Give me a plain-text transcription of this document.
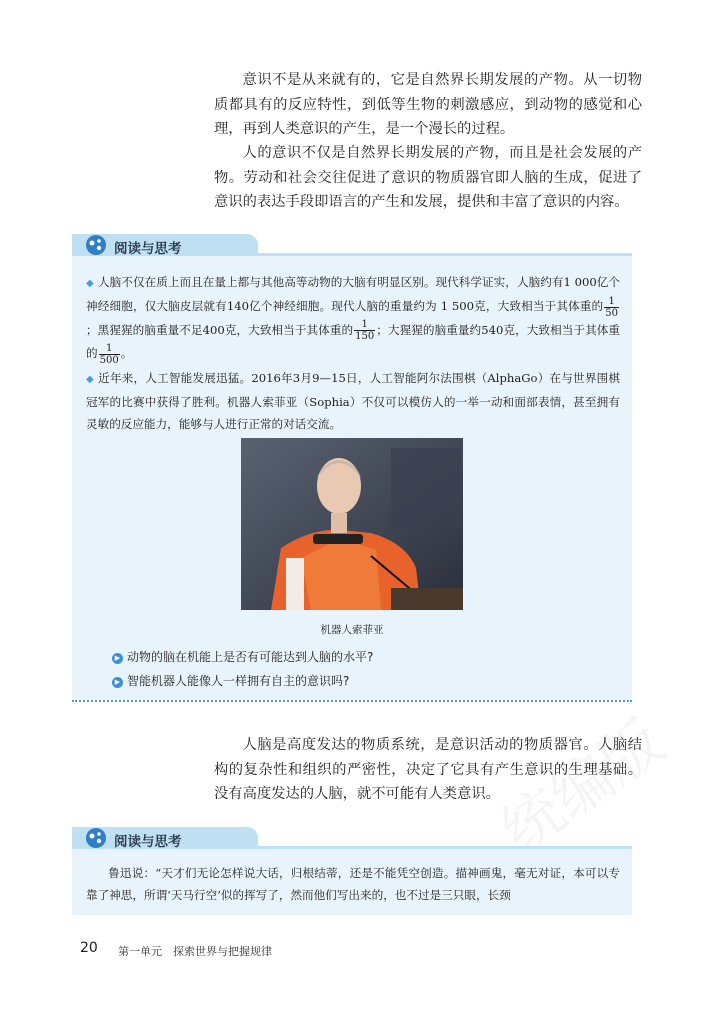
意识不是从来就有的，它是自然界长期发展的产物。从一切物质都具有的反应特性，到低等生物的刺激感应，到动物的感觉和心理，再到人类意识的产生，是一个漫长的过程。

人的意识不仅是自然界长期发展的产物，而且是社会发展的产物。劳动和社会交往促进了意识的物质器官即人脑的生成，促进了意识的表达手段即语言的产生和发展，提供和丰富了意识的内容。

阅读与思考

◆ 人脑不仅在质上而且在量上都与其他高等动物的大脑有明显区别。现代科学证实，人脑约有1 000亿个神经细胞，仅大脑皮层就有140亿个神经细胞。现代人脑的重量约为 1 500克，大致相当于其体重的 $\frac{1}{50}$
；黑猩猩的脑重量不足400克，大致相当于其体重的 $\frac{1}{150}$ ；大猩猩的脑重量约540克，大致相当于其体重的 $\frac{1}{500}$ 。

◆ 近年来，人工智能发展迅猛。2016年3月9—15日，人工智能阿尔法围棋（AlphaGo）在与世界围棋冠军的比赛中获得了胜利。机器人索菲亚（Sophia）不仅可以模仿人的一举一动和面部表情，甚至拥有灵敏的反应能力，能够与人进行正常的对话交流。

机器人索菲亚
▶ 动物的脑在机能上是否有可能达到人脑的水平?
▶ 智能机器人能像人一样拥有自主的意识吗?

人脑是高度发达的物质系统，是意识活动的物质器官。人脑结构的复杂性和组织的严密性，决定了它具有产生意识的生理基础。没有高度发达的人脑，就不可能有人类意识。

阅读与思考

鲁迅说：“天才们无论怎样说大话，归根结蒂，还是不能凭空创造。描神画鬼，毫无对证，本可以专靠了神思，所谓‘天马行空’似的挥写了，然而他们写出来的，也不过是三只眼，长颈

20 第一单元　探索世界与把握规律
